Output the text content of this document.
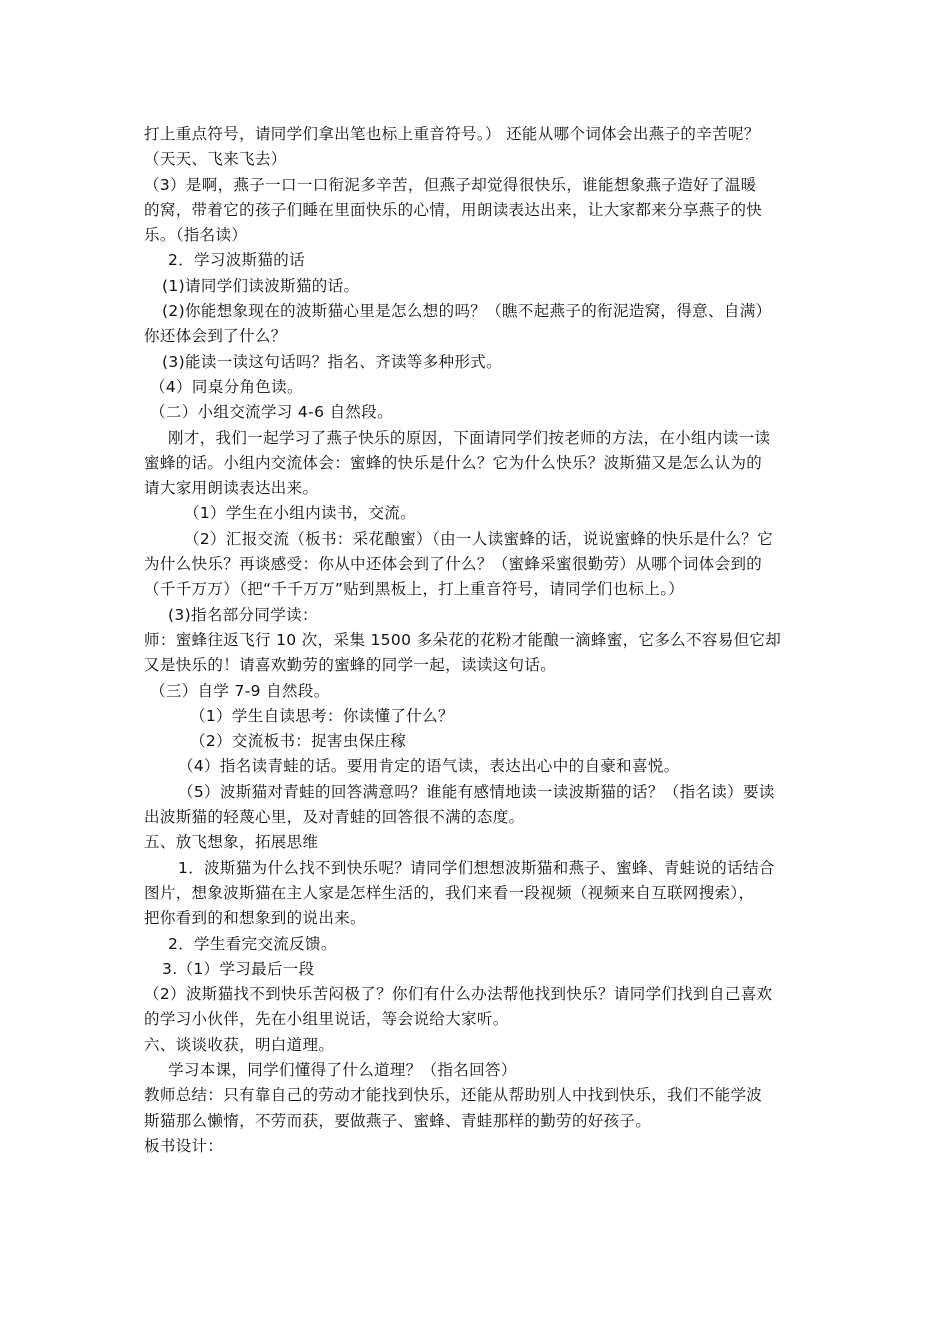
打上重点符号，请同学们拿出笔也标上重音符号。） 还能从哪个词体会出燕子的辛苦呢？
（天天、飞来飞去）
（3）是啊，燕子一口一口衔泥多辛苦，但燕子却觉得很快乐，谁能想象燕子造好了温暖
的窝，带着它的孩子们睡在里面快乐的心情，用朗读表达出来，让大家都来分享燕子的快
乐。（指名读）
2．学习波斯猫的话
(1)请同学们读波斯猫的话。
(2)你能想象现在的波斯猫心里是怎么想的吗？（瞧不起燕子的衔泥造窝，得意、自满）
你还体会到了什么？
(3)能读一读这句话吗？指名、齐读等多种形式。
（4）同桌分角色读。
（二）小组交流学习 4-6 自然段。
刚才，我们一起学习了燕子快乐的原因，下面请同学们按老师的方法，在小组内读一读
蜜蜂的话。小组内交流体会：蜜蜂的快乐是什么？它为什么快乐？波斯猫又是怎么认为的
请大家用朗读表达出来。
（1）学生在小组内读书，交流。
（2）汇报交流（板书：采花酿蜜）（由一人读蜜蜂的话，说说蜜蜂的快乐是什么？它
为什么快乐？再谈感受：你从中还体会到了什么？（蜜蜂采蜜很勤劳）从哪个词体会到的
（千千万万）（把“千千万万”贴到黑板上，打上重音符号，请同学们也标上。）
(3)指名部分同学读：
师：蜜蜂往返飞行 10 次，采集 1500 多朵花的花粉才能酿一滴蜂蜜，它多么不容易但它却
又是快乐的！请喜欢勤劳的蜜蜂的同学一起，读读这句话。
（三）自学 7-9 自然段。
（1）学生自读思考：你读懂了什么？
（2）交流板书：捉害虫保庄稼
（4）指名读青蛙的话。要用肯定的语气读，表达出心中的自豪和喜悦。
（5）波斯猫对青蛙的回答满意吗？谁能有感情地读一读波斯猫的话？（指名读）要读
出波斯猫的轻蔑心里，及对青蛙的回答很不满的态度。
五、放飞想象，拓展思维
1．波斯猫为什么找不到快乐呢？请同学们想想波斯猫和燕子、蜜蜂、青蛙说的话结合
图片，想象波斯猫在主人家是怎样生活的，我们来看一段视频（视频来自互联网搜索），
把你看到的和想象到的说出来。
2．学生看完交流反馈。
3.（1）学习最后一段
（2）波斯猫找不到快乐苦闷极了？你们有什么办法帮他找到快乐？请同学们找到自己喜欢
的学习小伙伴，先在小组里说话，等会说给大家听。
六、谈谈收获，明白道理。
学习本课，同学们懂得了什么道理？（指名回答）
教师总结：只有靠自己的劳动才能找到快乐，还能从帮助别人中找到快乐，我们不能学波
斯猫那么懒惰，不劳而获，要做燕子、蜜蜂、青蛙那样的勤劳的好孩子。
板书设计：
